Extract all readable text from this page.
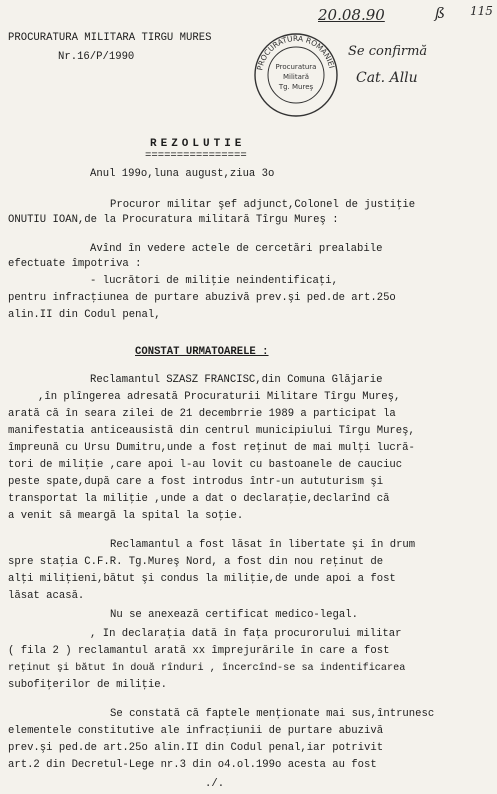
PROCURATURA MILITARA TIRGU MURES
Nr.16/P/1990
20.08.90	115
ß
PROCURATURA ROMÂNIEI
Procuratura
Militară
Tg. Mureş
Se confirmă
Cat. Allu
REZOLUTIE
================
Anul 199o,luna august,ziua 3o
Procuror militar şef adjunct,Colonel de justiţie
ONUTIU IOAN,de la Procuratura militară Tîrgu Mureş :
Avînd în vedere actele de cercetări prealabile
efectuate împotriva :
- lucrători de miliţie neindentificaţi,
pentru infracţiunea de purtare abuzivă prev.şi ped.de art.25o
alin.II din Codul penal,
CONSTAT URMATOARELE :
Reclamantul SZASZ FRANCISC,din Comuna Glăjarie
,în plîngerea adresată Procuraturii Militare Tîrgu Mureş,
arată că în seara zilei de 21 decembrrie 1989 a participat la
manifestatia anticeausistă din centrul municipiului Tîrgu Mureş,
împreună cu Ursu Dumitru,unde a fost reţinut de mai mulţi lucră-
tori de miliţie ,care apoi l-au lovit cu bastoanele de cauciuc
peste spate,după care a fost introdus într-un aututurism şi
transportat la miliţie ,unde a dat o declaraţie,declarînd că
a venit să meargă la spital la soţie.
Reclamantul a fost lăsat în libertate şi în drum
spre staţia C.F.R. Tg.Mureş Nord, a fost din nou reţinut de
alţi miliţieni,bătut şi condus la miliţie,de unde apoi a fost
lăsat acasă.
Nu se anexează certificat medico-legal.
, In declaraţia dată în faţa procurorului militar
( fila 2 ) reclamantul arată xx împrejurările în care a fost
reţinut şi bătut în două rînduri , încercînd-se sa indentificarea
subofiţerilor de miliţie.
Se constată că faptele menţionate mai sus,întrunesc
elementele constitutive ale infracţiunii de purtare abuzivă
prev.şi ped.de art.25o alin.II din Codul penal,iar potrivit
art.2 din Decretul-Lege nr.3 din o4.ol.199o acesta au fost
./.
